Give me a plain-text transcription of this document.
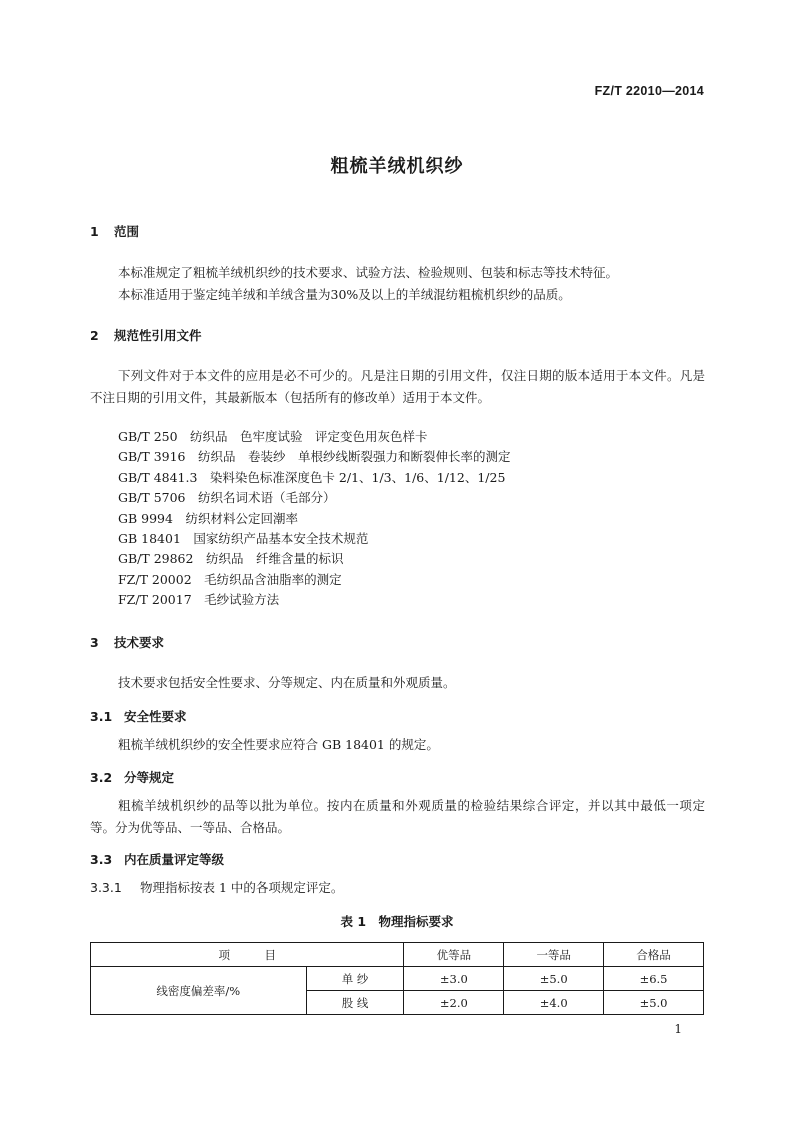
FZ/T 22010—2014
粗梳羊绒机织纱
1 范围
本标准规定了粗梳羊绒机织纱的技术要求、试验方法、检验规则、包装和标志等技术特征。
本标准适用于鉴定纯羊绒和羊绒含量为30%及以上的羊绒混纺粗梳机织纱的品质。
2 规范性引用文件
下列文件对于本文件的应用是必不可少的。凡是注日期的引用文件，仅注日期的版本适用于本文件。凡是不注日期的引用文件，其最新版本（包括所有的修改单）适用于本文件。
GB/T 250　纺织品　色牢度试验　评定变色用灰色样卡
GB/T 3916　纺织品　卷装纱　单根纱线断裂强力和断裂伸长率的测定
GB/T 4841.3　染料染色标准深度色卡 2/1、1/3、1/6、1/12、1/25
GB/T 5706　纺织名词术语（毛部分）
GB 9994　纺织材料公定回潮率
GB 18401　国家纺织产品基本安全技术规范
GB/T 29862　纺织品　纤维含量的标识
FZ/T 20002　毛纺织品含油脂率的测定
FZ/T 20017　毛纱试验方法
3 技术要求
技术要求包括安全性要求、分等规定、内在质量和外观质量。
3.1 安全性要求
粗梳羊绒机织纱的安全性要求应符合 GB 18401 的规定。
3.2 分等规定
粗梳羊绒机织纱的品等以批为单位。按内在质量和外观质量的检验结果综合评定，并以其中最低一项定等。分为优等品、一等品、合格品。
3.3 内在质量评定等级
3.3.1 物理指标按表 1 中的各项规定评定。
表 1　物理指标要求
项　　　目		优等品	一等品	合格品
线密度偏差率/%	单 纱	±3.0	±5.0	±6.5
	股 线	±2.0	±4.0	±5.0
1
